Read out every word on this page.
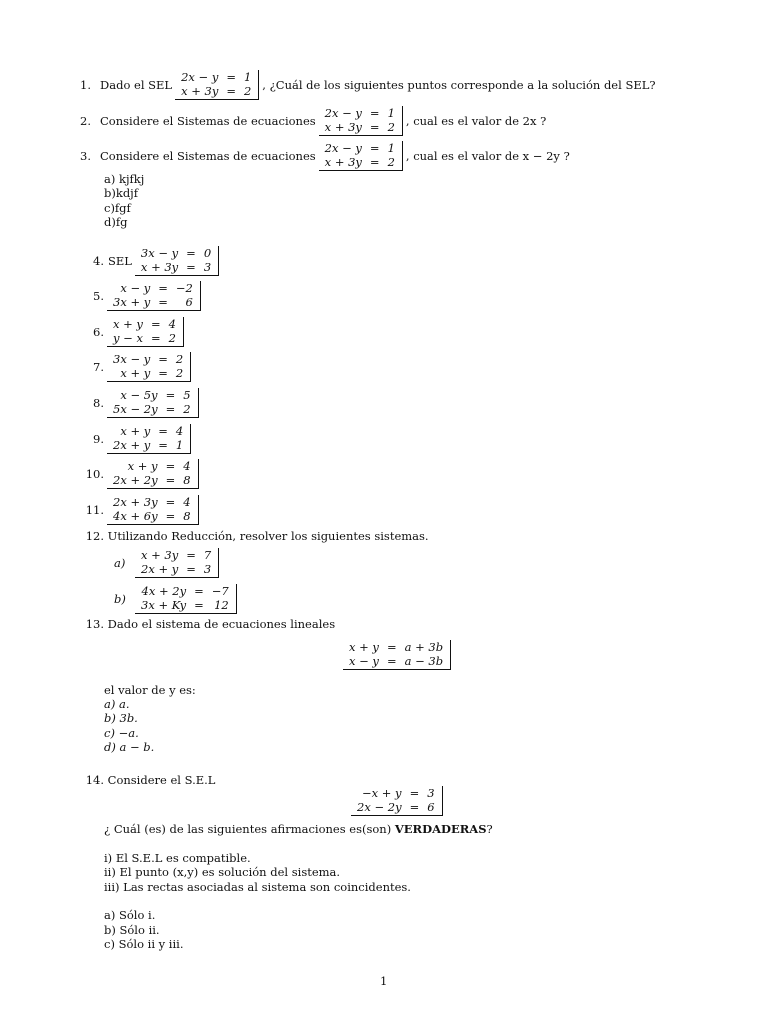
1. Dado el SEL
2x − y	=	1
x + 3y	=	2 , ¿Cuál de los siguientes puntos corresponde a la solución del SEL?
2. Considere el Sistemas de ecuaciones
2x − y	=	1
x + 3y	=	2 , cual es el valor de 2x ?
3. Considere el Sistemas de ecuaciones
2x − y	=	1
x + 3y	=	2 , cual es el valor de x − 2y ?
a) kjfkj
b)kdjf
c)fgf
d)fg
4. SEL
3x − y	=	0
x + 3y	=	3
5.
x − y	=	−2
3x + y	=	6
6.
x + y	=	4
y − x	=	2
7.
3x − y	=	2
x + y	=	2
8.
x − 5y	=	5
5x − 2y	=	2
9.
x + y	=	4
2x + y	=	1
10.
x + y	=	4
2x + 2y	=	8
11.
2x + 3y	=	4
4x + 6y	=	8
12. Utilizando Reducción, resolver los siguientes sistemas.
a)
x + 3y	=	7
2x + y	=	3
b)
4x + 2y	=	−7
3x + Ky	=	12
13. Dado el sistema de ecuaciones lineales
x + y	=	a + 3b
x − y	=	a − 3b
el valor de y es:
a) a.
b) 3b.
c) −a.
d) a − b.
14. Considere el S.E.L
−x + y	=	3
2x − 2y	=	6
¿ Cuál (es) de las siguientes afirmaciones es(son) VERDADERAS?
i) El S.E.L es compatible.
ii) El punto (x,y) es solución del sistema.
iii) Las rectas asociadas al sistema son coincidentes.
a) Sólo i.
b) Sólo ii.
c) Sólo ii y iii.
1
